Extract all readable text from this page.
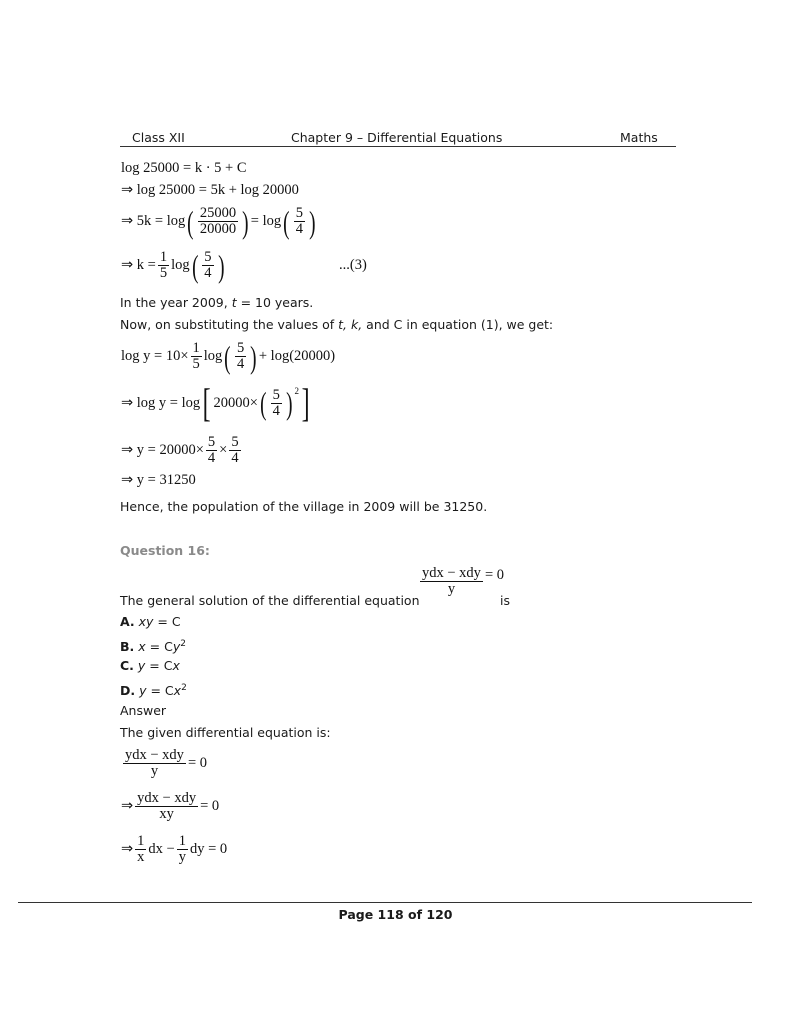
Class XII	Chapter 9 – Differential Equations	Maths
log 25000 = k · 5 + C
⇒ log 25000 = 5k + log 20000
⇒ 5k = log ( $\frac{25000}{20000}$ ) = log ( $\frac{5}{4}$ )
⇒ $k = \frac{1}{5}$ log ( $\frac{5}{4}$ )	...(3)
In the year 2009, t = 10 years.
Now, on substituting the values of t, k, and C in equation (1), we get:
$\log y = 10\times \frac{1}{5}$ log ( $\frac{5}{4}$ ) + log(20000)
⇒ log y = log [ 20000× ( $\frac{5}{4} )^2$ ]
⇒ $y = 20000\times \frac{5}{4} \times \frac{5}{4}$
⇒ y = 31250
Hence, the population of the village in 2009 will be 31250.
Question 16:
$\frac{\text{ydx − xdy}}{y} = 0$
The general solution of the differential equation	is
A. xy = C
B. $x = Cy^2$
C. y = Cx
D. $y = Cx^2$
Answer
The given differential equation is:
$\frac{\text{ydx − xdy}}{y} = 0$
⇒ $\frac{\text{ydx − xdy}}{xy} = 0$
⇒ $\frac{1}{x}$ dx − $\frac{1}{y}$ dy = 0
Page 118 of 120
